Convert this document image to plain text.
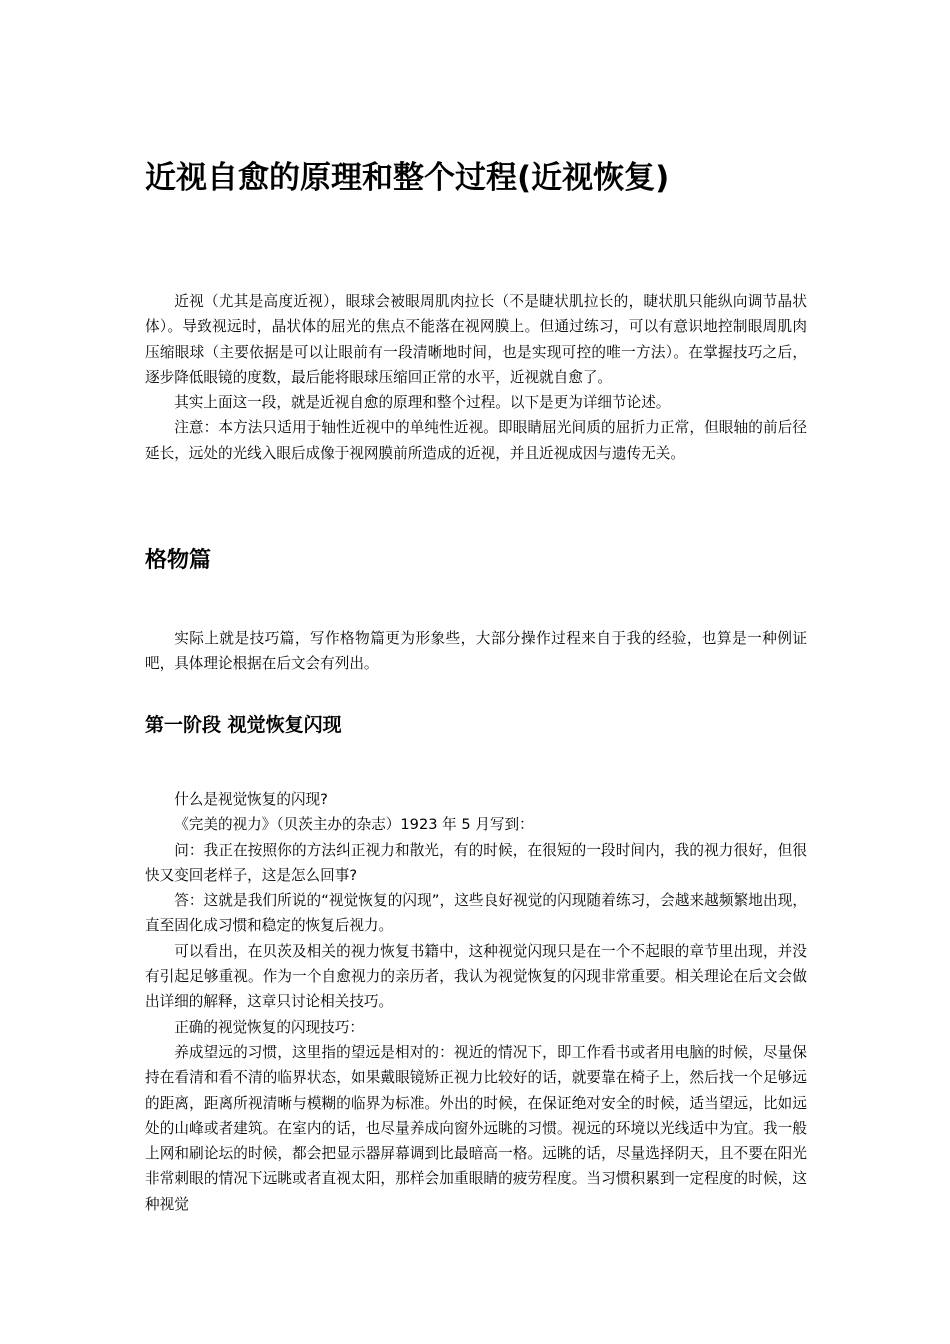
近视自愈的原理和整个过程(近视恢复)

近视（尤其是高度近视），眼球会被眼周肌肉拉长（不是睫状肌拉长的，睫状肌只能纵向调节晶状体）。导致视远时，晶状体的屈光的焦点不能落在视网膜上。但通过练习，可以有意识地控制眼周肌肉压缩眼球（主要依据是可以让眼前有一段清晰地时间，也是实现可控的唯一方法）。在掌握技巧之后，逐步降低眼镜的度数，最后能将眼球压缩回正常的水平，近视就自愈了。

其实上面这一段，就是近视自愈的原理和整个过程。以下是更为详细节论述。

注意：本方法只适用于轴性近视中的单纯性近视。即眼睛屈光间质的屈折力正常，但眼轴的前后径延长，远处的光线入眼后成像于视网膜前所造成的近视，并且近视成因与遗传无关。

格物篇

实际上就是技巧篇，写作格物篇更为形象些，大部分操作过程来自于我的经验，也算是一种例证吧，具体理论根据在后文会有列出。

第一阶段 视觉恢复闪现

什么是视觉恢复的闪现?

《完美的视力》（贝茨主办的杂志）1923 年 5 月写到：

问：我正在按照你的方法纠正视力和散光，有的时候，在很短的一段时间内，我的视力很好，但很快又变回老样子，这是怎么回事?

答：这就是我们所说的“视觉恢复的闪现”，这些良好视觉的闪现随着练习，会越来越频繁地出现，直至固化成习惯和稳定的恢复后视力。

可以看出，在贝茨及相关的视力恢复书籍中，这种视觉闪现只是在一个不起眼的章节里出现，并没有引起足够重视。作为一个自愈视力的亲历者，我认为视觉恢复的闪现非常重要。相关理论在后文会做出详细的解释，这章只讨论相关技巧。

正确的视觉恢复的闪现技巧：

养成望远的习惯，这里指的望远是相对的：视近的情况下，即工作看书或者用电脑的时候，尽量保持在看清和看不清的临界状态，如果戴眼镜矫正视力比较好的话，就要靠在椅子上，然后找一个足够远的距离，距离所视清晰与模糊的临界为标准。外出的时候，在保证绝对安全的时候，适当望远，比如远处的山峰或者建筑。在室内的话，也尽量养成向窗外远眺的习惯。视远的环境以光线适中为宜。我一般上网和刷论坛的时候，都会把显示器屏幕调到比最暗高一格。远眺的话，尽量选择阴天，且不要在阳光非常刺眼的情况下远眺或者直视太阳，那样会加重眼睛的疲劳程度。当习惯积累到一定程度的时候，这种视觉
